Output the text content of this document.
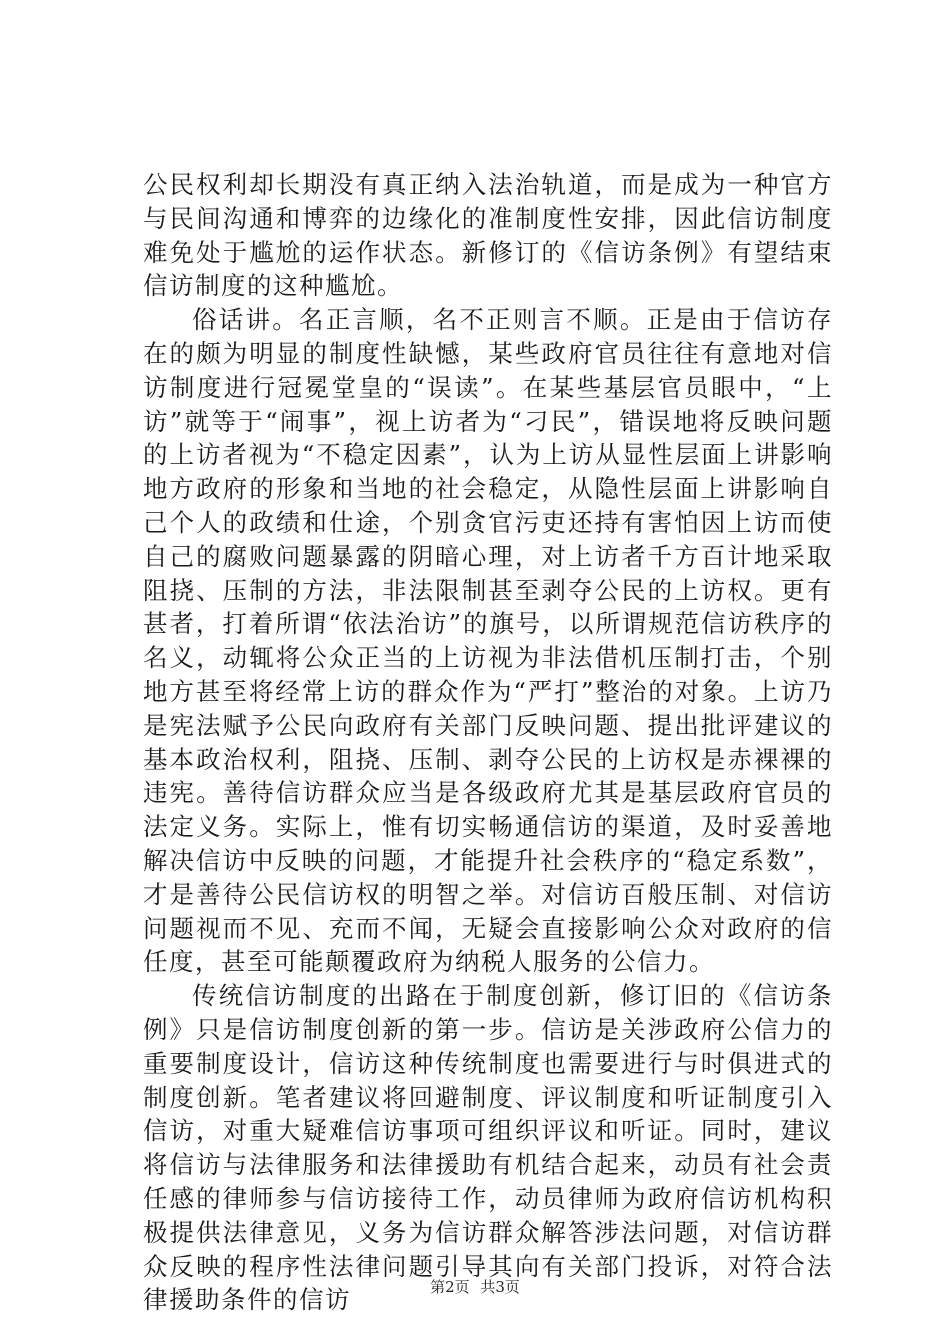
公民权利却长期没有真正纳入法治轨道，而是成为一种官方与民间沟通和博弈的边缘化的准制度性安排，因此信访制度难免处于尴尬的运作状态。新修订的《信访条例》有望结束信访制度的这种尴尬。

俗话讲。名正言顺，名不正则言不顺。正是由于信访存在的颇为明显的制度性缺憾，某些政府官员往往有意地对信访制度进行冠冕堂皇的“误读”。在某些基层官员眼中，“上访”就等于“闹事”，视上访者为“刁民”，错误地将反映问题的上访者视为“不稳定因素”，认为上访从显性层面上讲影响地方政府的形象和当地的社会稳定，从隐性层面上讲影响自己个人的政绩和仕途，个别贪官污吏还持有害怕因上访而使自己的腐败问题暴露的阴暗心理，对上访者千方百计地采取阻挠、压制的方法，非法限制甚至剥夺公民的上访权。更有甚者，打着所谓“依法治访”的旗号，以所谓规范信访秩序的名义，动辄将公众正当的上访视为非法借机压制打击，个别地方甚至将经常上访的群众作为“严打”整治的对象。上访乃是宪法赋予公民向政府有关部门反映问题、提出批评建议的基本政治权利，阻挠、压制、剥夺公民的上访权是赤裸裸的违宪。善待信访群众应当是各级政府尤其是基层政府官员的法定义务。实际上，惟有切实畅通信访的渠道，及时妥善地解决信访中反映的问题，才能提升社会秩序的“稳定系数”，才是善待公民信访权的明智之举。对信访百般压制、对信访问题视而不见、充而不闻，无疑会直接影响公众对政府的信任度，甚至可能颠覆政府为纳税人服务的公信力。

传统信访制度的出路在于制度创新，修订旧的《信访条例》只是信访制度创新的第一步。信访是关涉政府公信力的重要制度设计，信访这种传统制度也需要进行与时俱进式的制度创新。笔者建议将回避制度、评议制度和听证制度引入信访，对重大疑难信访事项可组织评议和听证。同时，建议将信访与法律服务和法律援助有机结合起来，动员有社会责任感的律师参与信访接待工作，动员律师为政府信访机构积极提供法律意见，义务为信访群众解答涉法问题，对信访群众反映的程序性法律问题引导其向有关部门投诉，对符合法律援助条件的信访	第2页 共3页
